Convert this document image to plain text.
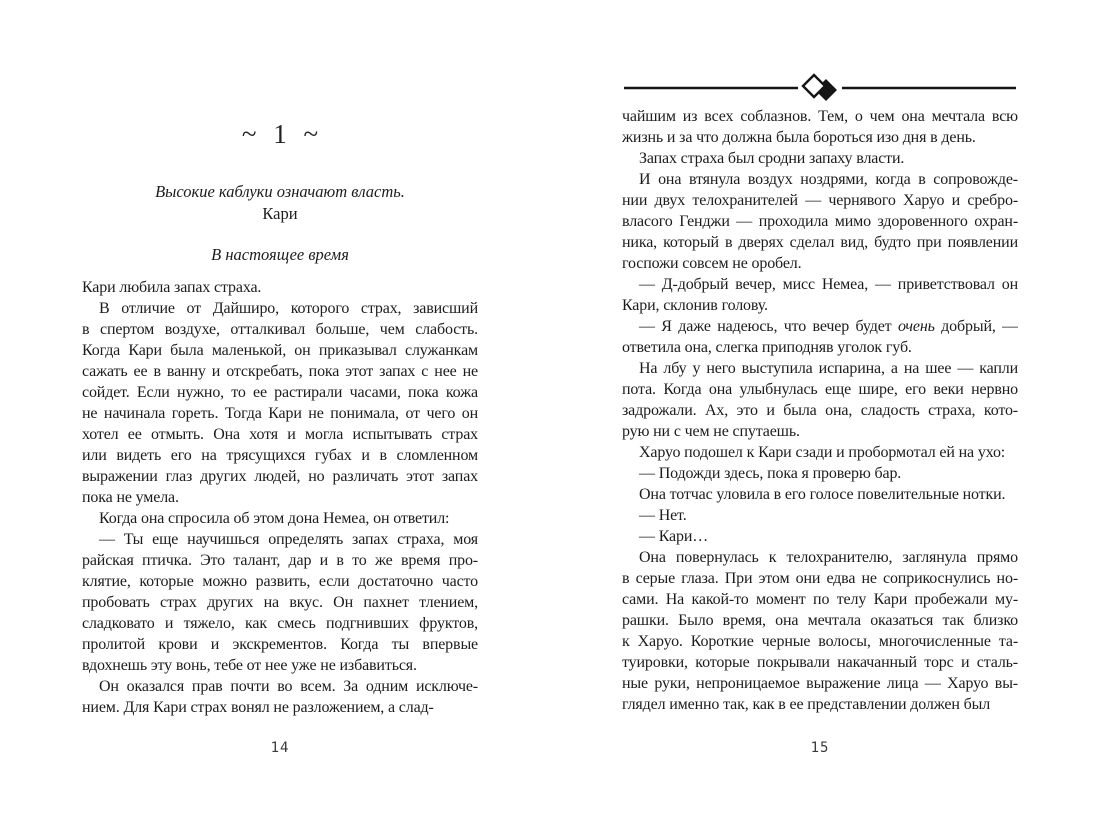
~ 1 ~
Высокие каблуки означают власть.
Кари
В настоящее время
Кари любила запах страха.
В отличие от Дайширо, которого страх, зависший
в спертом воздухе, отталкивал больше, чем слабость.
Когда Кари была маленькой, он приказывал служанкам
сажать ее в ванну и отскребать, пока этот запах с нее не
сойдет. Если нужно, то ее растирали часами, пока кожа
не начинала гореть. Тогда Кари не понимала, от чего он
хотел ее отмыть. Она хотя и могла испытывать страх
или видеть его на трясущихся губах и в сломленном
выражении глаз других людей, но различать этот запах
пока не умела.
Когда она спросила об этом дона Немеа, он ответил:
— Ты еще научишься определять запах страха, моя
райская птичка. Это талант, дар и в то же время про-
клятие, которые можно развить, если достаточно часто
пробовать страх других на вкус. Он пахнет тлением,
сладковато и тяжело, как смесь подгнивших фруктов,
пролитой крови и экскрементов. Когда ты впервые
вдохнешь эту вонь, тебе от нее уже не избавиться.
Он оказался прав почти во всем. За одним исключе-
нием. Для Кари страх вонял не разложением, а слад-
14
чайшим из всех соблазнов. Тем, о чем она мечтала всю
жизнь и за что должна была бороться изо дня в день.
Запах страха был сродни запаху власти.
И она втянула воздух ноздрями, когда в сопровожде-
нии двух телохранителей — чернявого Харуо и сребро-
власого Генджи — проходила мимо здоровенного охран-
ника, который в дверях сделал вид, будто при появлении
госпожи совсем не оробел.
— Д-добрый вечер, мисс Немеа, — приветствовал он
Кари, склонив голову.
— Я даже надеюсь, что вечер будет очень добрый, —
ответила она, слегка приподняв уголок губ.
На лбу у него выступила испарина, а на шее — капли
пота. Когда она улыбнулась еще шире, его веки нервно
задрожали. Ах, это и была она, сладость страха, кото-
рую ни с чем не спутаешь.
Харуо подошел к Кари сзади и пробормотал ей на ухо:
— Подожди здесь, пока я проверю бар.
Она тотчас уловила в его голосе повелительные нотки.
— Нет.
— Кари…
Она повернулась к телохранителю, заглянула прямо
в серые глаза. При этом они едва не соприкоснулись но-
сами. На какой-то момент по телу Кари пробежали му-
рашки. Было время, она мечтала оказаться так близко
к Харуо. Короткие черные волосы, многочисленные та-
туировки, которые покрывали накачанный торс и сталь-
ные руки, непроницаемое выражение лица — Харуо вы-
глядел именно так, как в ее представлении должен был
15
